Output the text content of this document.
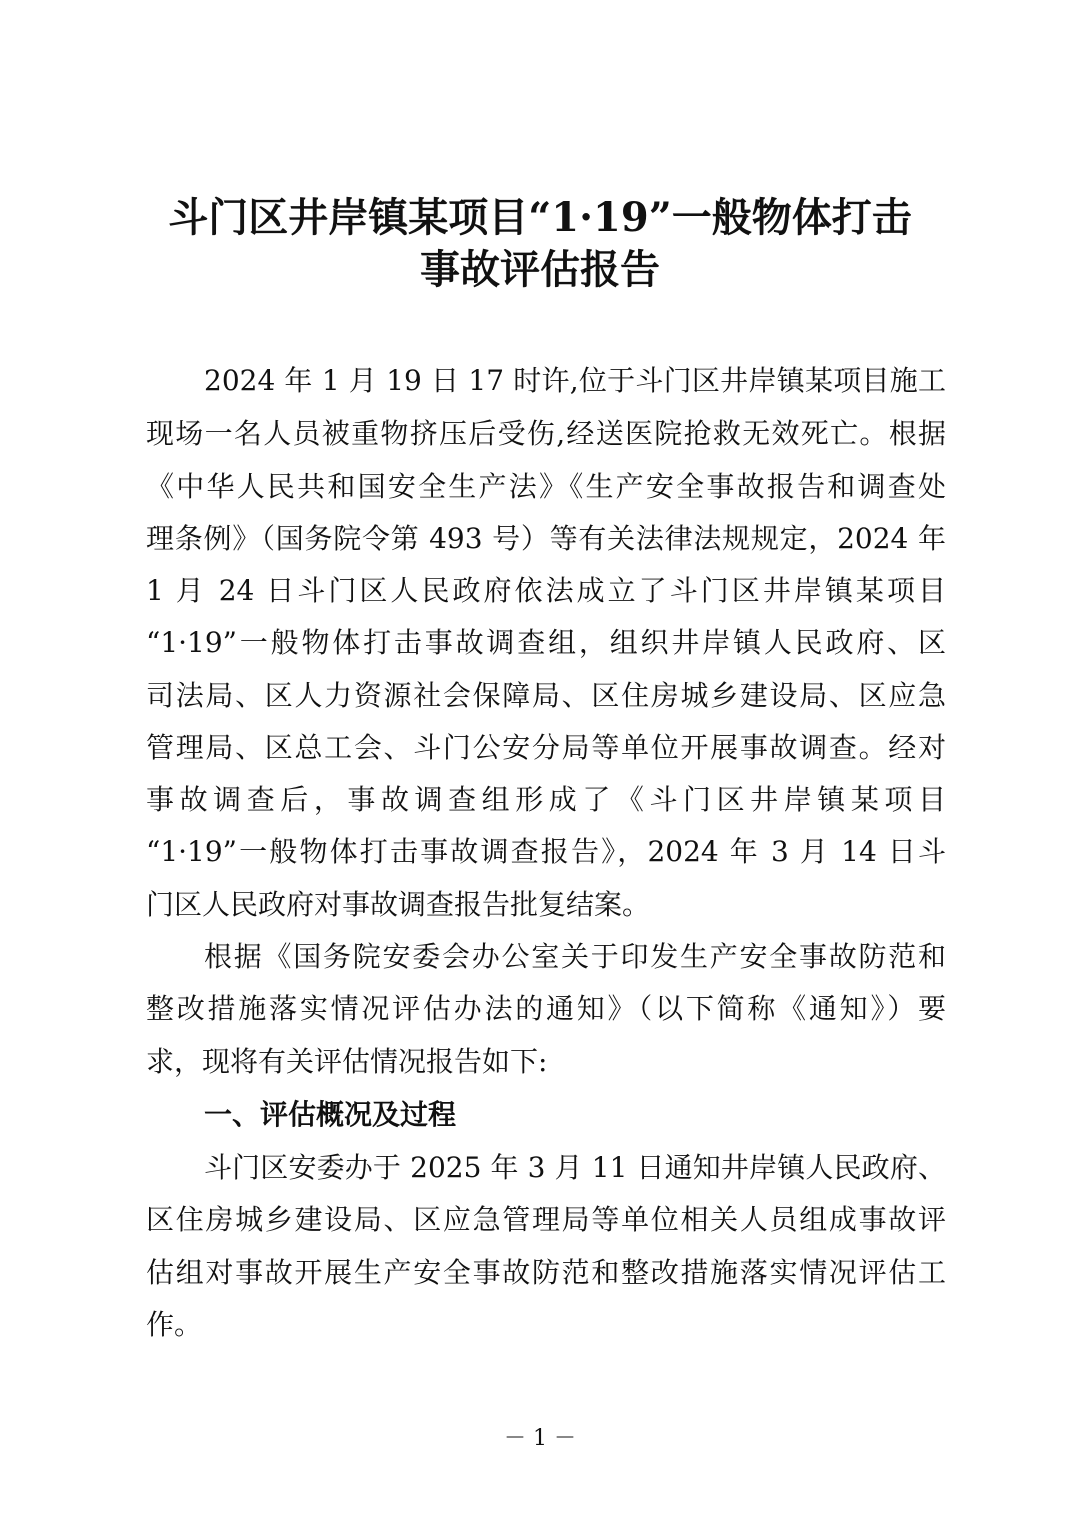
斗门区井岸镇某项目“1·19”一般物体打击
事故评估报告
2024 年 1 月 19 日 17 时许,位于斗门区井岸镇某项目施工
现场一名人员被重物挤压后受伤,经送医院抢救无效死亡。根据
《中华人民共和国安全生产法》《生产安全事故报告和调查处
理条例》（国务院令第 493 号）等有关法律法规规定，2024 年
1 月 24 日斗门区人民政府依法成立了斗门区井岸镇某项目
“1·19”一般物体打击事故调查组，组织井岸镇人民政府、区
司法局、区人力资源社会保障局、区住房城乡建设局、区应急
管理局、区总工会、斗门公安分局等单位开展事故调查。经对
事故调查后，事故调查组形成了《斗门区井岸镇某项目
“1·19”一般物体打击事故调查报告》，2024 年 3 月 14 日斗
门区人民政府对事故调查报告批复结案。
根据《国务院安委会办公室关于印发生产安全事故防范和
整改措施落实情况评估办法的通知》（以下简称《通知》）要
求，现将有关评估情况报告如下:
一、评估概况及过程
斗门区安委办于 2025 年 3 月 11 日通知井岸镇人民政府、
区住房城乡建设局、区应急管理局等单位相关人员组成事故评
估组对事故开展生产安全事故防范和整改措施落实情况评估工
作。
－ 1 －
